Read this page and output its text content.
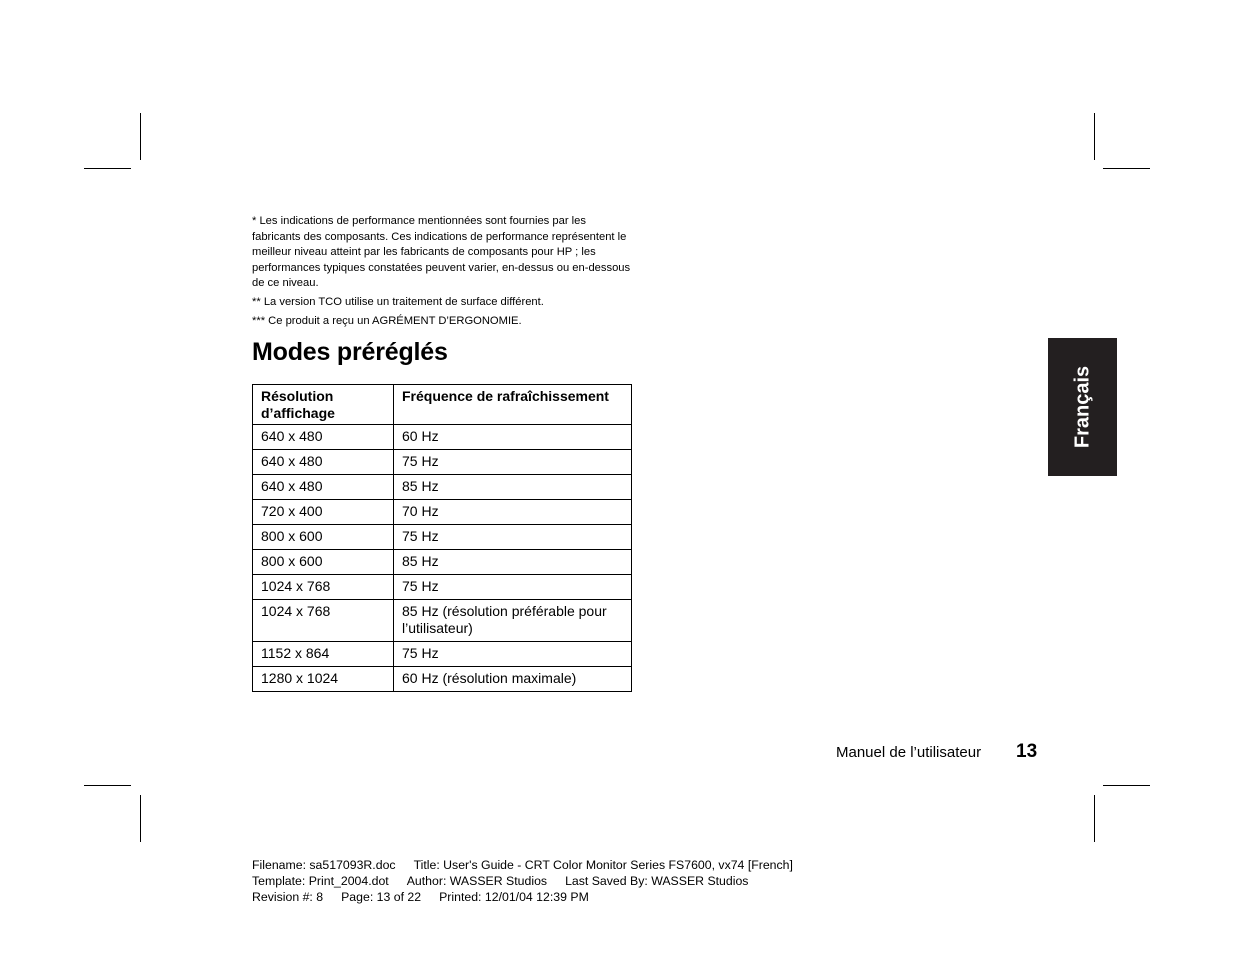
* Les indications de performance mentionnées sont fournies par les fabricants des composants. Ces indications de performance représentent le meilleur niveau atteint par les fabricants de composants pour HP ; les performances typiques constatées peuvent varier, en-dessus ou en-dessous de ce niveau.

** La version TCO utilise un traitement de surface différent.

*** Ce produit a reçu un AGRÉMENT D’ERGONOMIE.

Modes préréglés
Résolution d’affichage	Fréquence de rafraîchissement
640 x 480	60 Hz
640 x 480	75 Hz
640 x 480	85 Hz
720 x 400	70 Hz
800 x 600	75 Hz
800 x 600	85 Hz
1024 x 768	75 Hz
1024 x 768	85 Hz (résolution préférable pour l’utilisateur)
1152 x 864	75 Hz
1280 x 1024	60 Hz (résolution maximale)
Français
Manuel de l’utilisateur 13
Filename: sa517093R.doc Title: User's Guide - CRT Color Monitor Series FS7600, vx74 [French]
Template: Print_2004.dot Author: WASSER Studios Last Saved By: WASSER Studios
Revision #: 8 Page: 13 of 22 Printed: 12/01/04 12:39 PM
